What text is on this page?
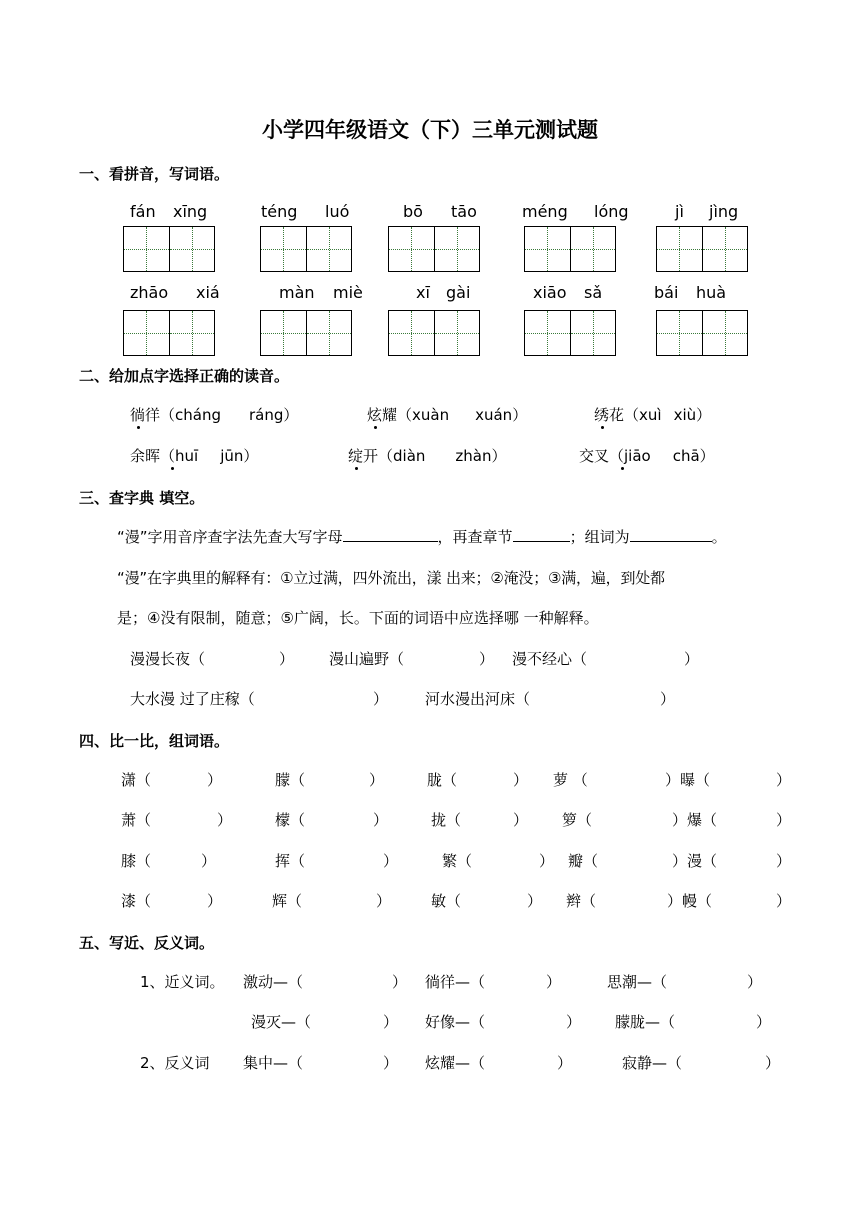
小学四年级语文（下）三单元测试题
一、看拼音，写词语。
fán xīng	téng luó	bō tāo	méng lóng	jì jìng
zhāo xiá	màn miè	xī gài	xiāo sǎ	bái huà
二、给加点字选择正确的读音。
徜徉（cháng ráng）	炫耀（xuàn xuán）	绣花（xuì xiù）
余晖（huī jūn）	绽开（diàn zhàn）	交叉（jiāo chā）
三、查字典 填空。
“漫”字用音序查字法先查大写字母	，再查章节	；组词为	。
“漫”在字典里的解释有：①立过满，四外流出，漾 出来；②淹没；③满，遍，到处都
是；④没有限制，随意；⑤广阔，长。下面的词语中应选择哪 一种解释。
漫漫长夜（	） 漫山遍野（	） 漫不经心（	）
大水漫 过了庄稼（	） 河水漫出河床（	）
四、比一比，组词语。
潇（	）	朦（	）	胧（	） 萝 （	）曝（	）
萧（	）	檬（	）	拢（	） 箩（	）爆（	）
膝（	）	挥（	）	繁（	） 瓣（	）漫（	）
漆（	）	辉（	）	敏（	） 辫（	）幔（	）
五、写近、反义词。
1、近义词。 激动—（	） 徜徉—（	）	思潮—（	）
漫灭—（	） 好像—（	） 朦胧—（	）
2、反义词 集中—（	） 炫耀—（	）	寂静—（	）
